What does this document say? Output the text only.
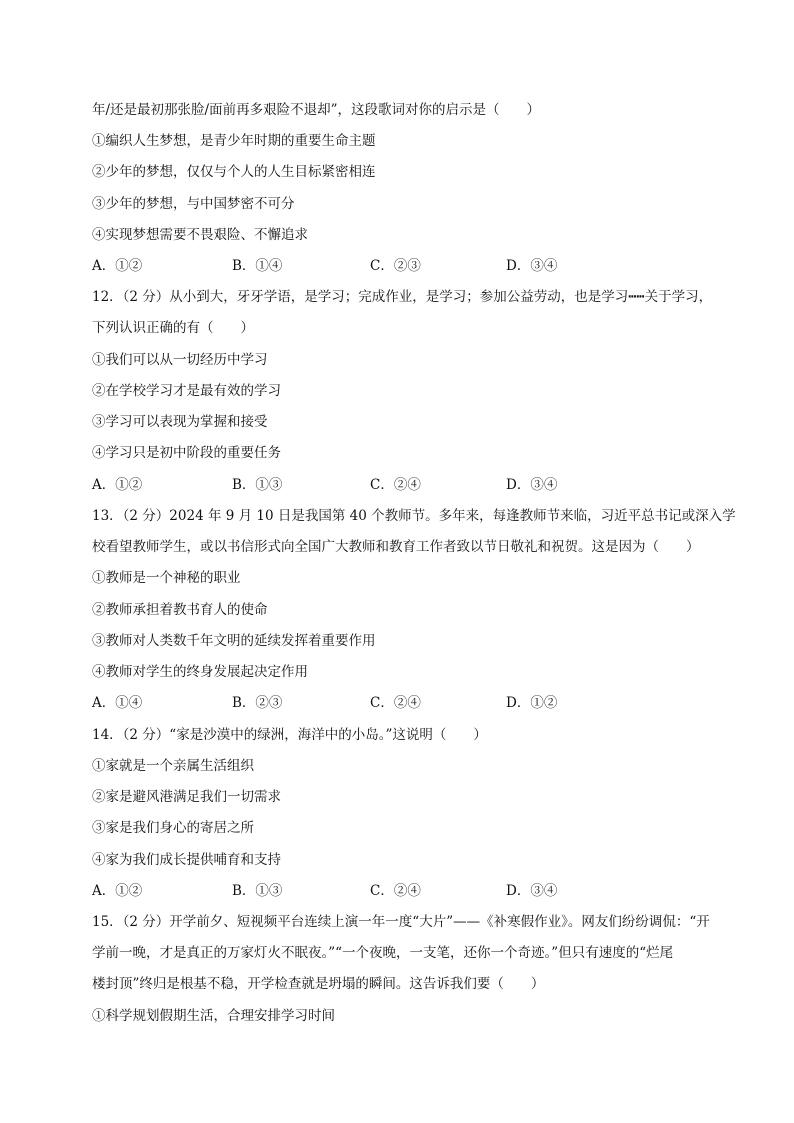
年/还是最初那张脸/面前再多艰险不退却”，这段歌词对你的启示是（　　）
①编织人生梦想，是青少年时期的重要生命主题
②少年的梦想，仅仅与个人的人生目标紧密相连
③少年的梦想，与中国梦密不可分
④实现梦想需要不畏艰险、不懈追求
A．①②	B．①④	C．②③	D．③④
12．（2 分）从小到大，牙牙学语，是学习；完成作业，是学习；参加公益劳动，也是学习┅┅关于学习，
下列认识正确的有（　　）
①我们可以从一切经历中学习
②在学校学习才是最有效的学习
③学习可以表现为掌握和接受
④学习只是初中阶段的重要任务
A．①②	B．①③	C．②④	D．③④
13．（2 分）2024 年 9 月 10 日是我国第 40 个教师节。多年来，每逢教师节来临，习近平总书记或深入学
校看望教师学生，或以书信形式向全国广大教师和教育工作者致以节日敬礼和祝贺。这是因为（　　）
①教师是一个神秘的职业
②教师承担着教书育人的使命
③教师对人类数千年文明的延续发挥着重要作用
④教师对学生的终身发展起决定作用
A．①④	B．②③	C．②④	D．①②
14．（2 分）“家是沙漠中的绿洲，海洋中的小岛。”这说明（　　）
①家就是一个亲属生活组织
②家是避风港满足我们一切需求
③家是我们身心的寄居之所
④家为我们成长提供哺育和支持
A．①②	B．①③	C．②④	D．③④
15．（2 分）开学前夕、短视频平台连续上演一年一度“大片”——《补寒假作业》。网友们纷纷调侃：“开
学前一晚，才是真正的万家灯火不眠夜。”“一个夜晚，一支笔，还你一个奇迹。”但只有速度的“烂尾
楼封顶”终归是根基不稳，开学检查就是坍塌的瞬间。这告诉我们要（　　）
①科学规划假期生活，合理安排学习时间
